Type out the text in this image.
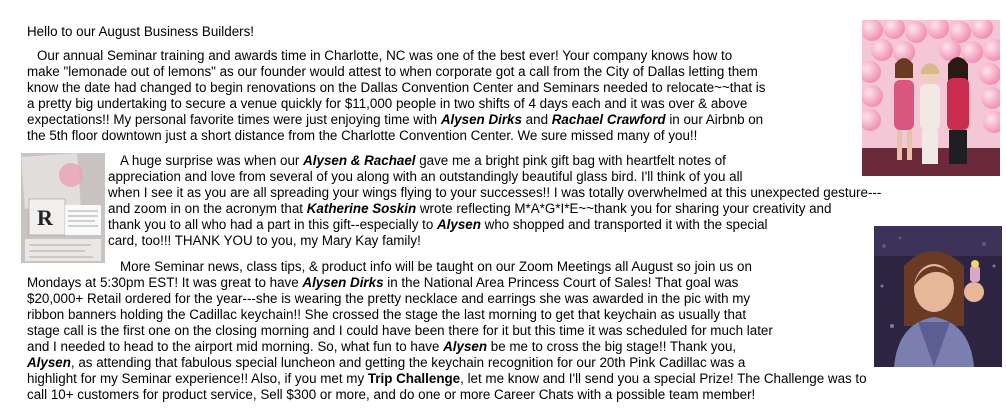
Hello to our August Business Builders!
Our annual Seminar training and awards time in Charlotte, NC was one of the best ever! Your company knows how to
make "lemonade out of lemons" as our founder would attest to when corporate got a call from the City of Dallas letting them
know the date had changed to begin renovations on the Dallas Convention Center and Seminars needed to relocate~~that is
a pretty big undertaking to secure a venue quickly for $11,000 people in two shifts of 4 days each and it was over & above
expectations!! My personal favorite times were just enjoying time with Alysen Dirks and Rachael Crawford in our Airbnb on
the 5th floor downtown just a short distance from the Charlotte Convention Center. We sure missed many of you!!
A huge surprise was when our Alysen & Rachael gave me a bright pink gift bag with heartfelt notes of
appreciation and love from several of you along with an outstandingly beautiful glass bird. I'll think of you all
when I see it as you are all spreading your wings flying to your successes!! I was totally overwhelmed at this unexpected gesture---
and zoom in on the acronym that Katherine Soskin wrote reflecting M*A*G*I*E~~thank you for sharing your creativity and
thank you to all who had a part in this gift--especially to Alysen who shopped and transported it with the special
card, too!!! THANK YOU to you, my Mary Kay family!
More Seminar news, class tips, & product info will be taught on our Zoom Meetings all August so join us on
Mondays at 5:30pm EST! It was great to have Alysen Dirks in the National Area Princess Court of Sales! That goal was
$20,000+ Retail ordered for the year---she is wearing the pretty necklace and earrings she was awarded in the pic with my
ribbon banners holding the Cadillac keychain!! She crossed the stage the last morning to get that keychain as usually that
stage call is the first one on the closing morning and I could have been there for it but this time it was scheduled for much later
and I needed to head to the airport mid morning. So, what fun to have Alysen be me to cross the big stage!! Thank you,
Alysen, as attending that fabulous special luncheon and getting the keychain recognition for our 20th Pink Cadillac was a
highlight for my Seminar experience!! Also, if you met my Trip Challenge, let me know and I'll send you a special Prize! The Challenge was to
call 10+ customers for product service, Sell $300 or more, and do one or more Career Chats with a possible team member!
R
